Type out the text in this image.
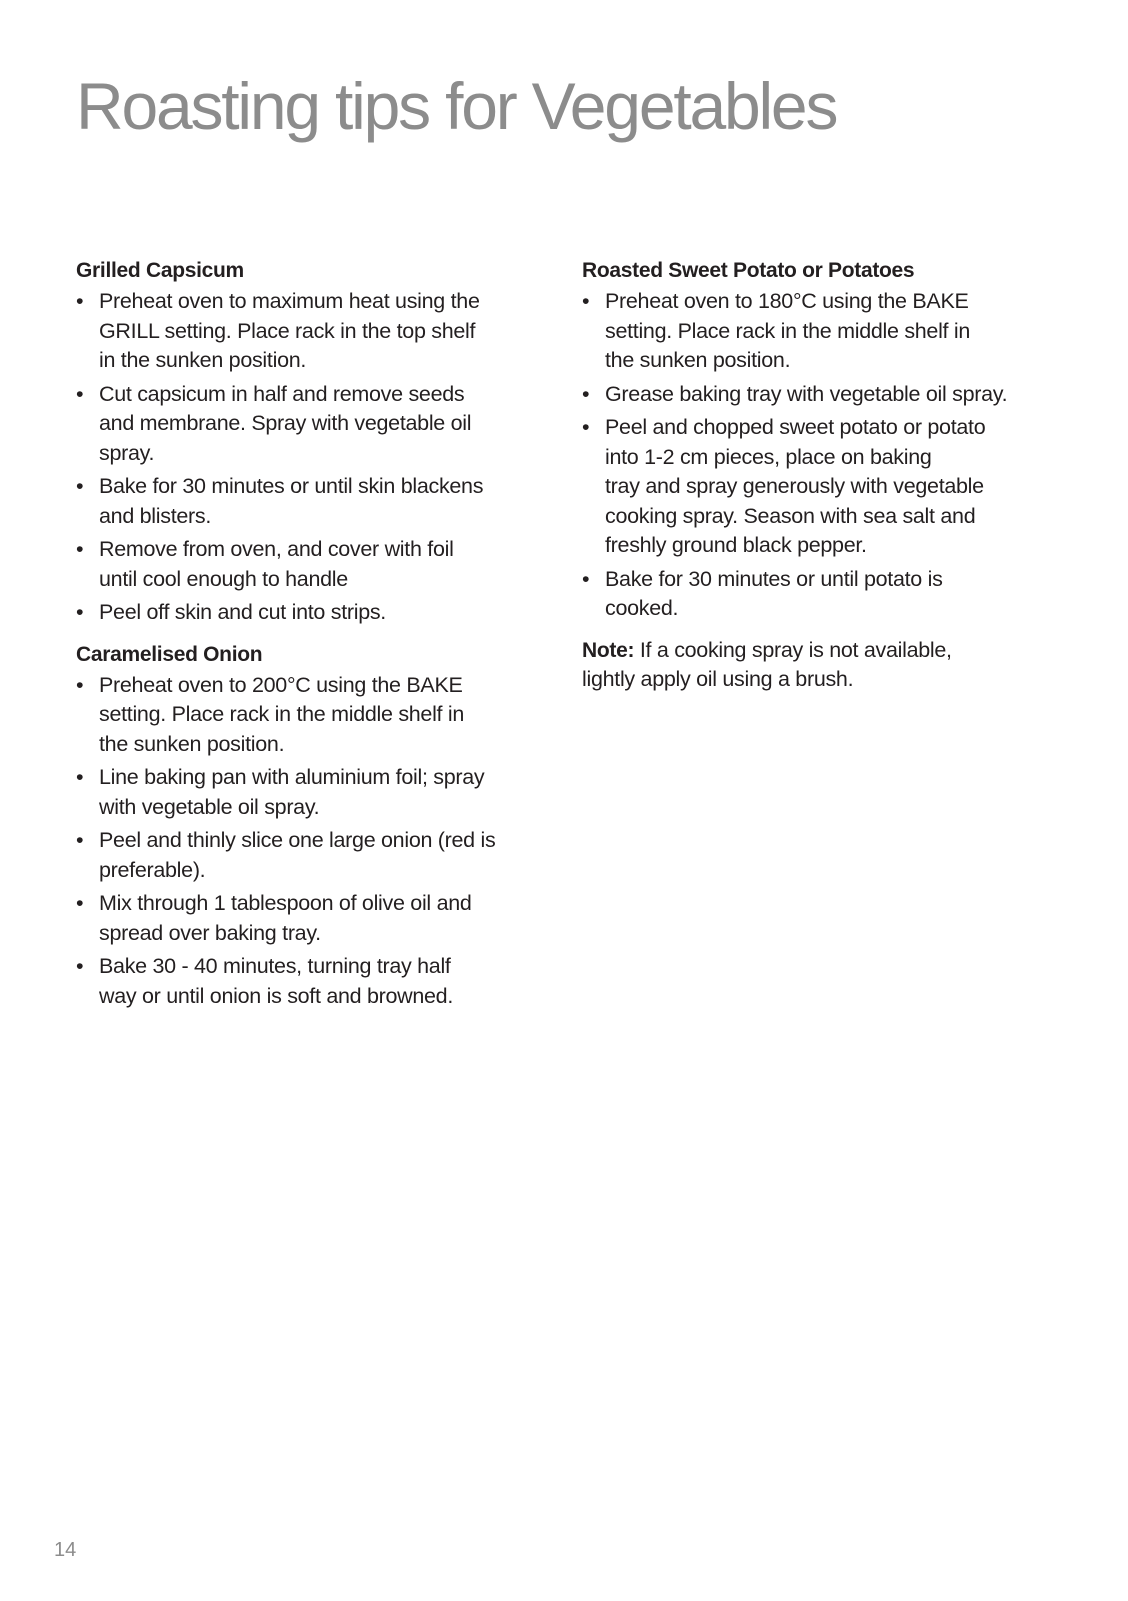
Roasting tips for Vegetables
Grilled Capsicum
• Preheat oven to maximum heat using the
GRILL setting. Place rack in the top shelf
in the sunken position.
• Cut capsicum in half and remove seeds
and membrane. Spray with vegetable oil
spray.
• Bake for 30 minutes or until skin blackens
and blisters.
• Remove from oven, and cover with foil
until cool enough to handle
• Peel off skin and cut into strips.
Caramelised Onion
• Preheat oven to 200°C using the BAKE
setting. Place rack in the middle shelf in
the sunken position.
• Line baking pan with aluminium foil; spray
with vegetable oil spray.
• Peel and thinly slice one large onion (red is
preferable).
• Mix through 1 tablespoon of olive oil and
spread over baking tray.
• Bake 30 - 40 minutes, turning tray half
way or until onion is soft and browned.
Roasted Sweet Potato or Potatoes
• Preheat oven to 180°C using the BAKE
setting. Place rack in the middle shelf in
the sunken position.
• Grease baking tray with vegetable oil spray.
• Peel and chopped sweet potato or potato
into 1-2 cm pieces, place on baking
tray and spray generously with vegetable
cooking spray. Season with sea salt and
freshly ground black pepper.
• Bake for 30 minutes or until potato is
cooked.

Note: If a cooking spray is not available,
lightly apply oil using a brush.

14
